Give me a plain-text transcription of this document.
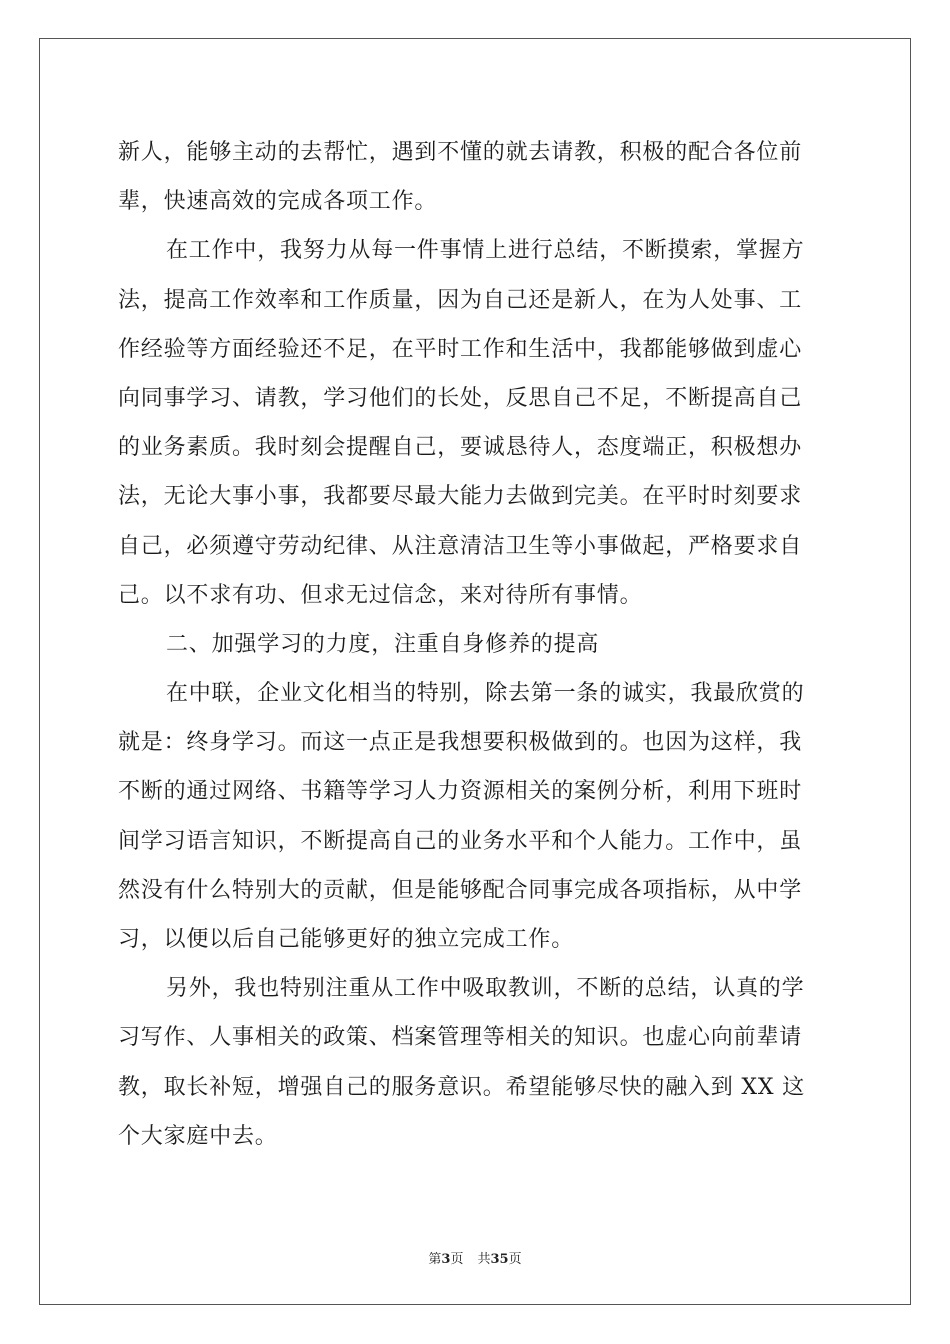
新人，能够主动的去帮忙，遇到不懂的就去请教，积极的配合各位前
辈，快速高效的完成各项工作。
在工作中，我努力从每一件事情上进行总结，不断摸索，掌握方
法，提高工作效率和工作质量，因为自己还是新人，在为人处事、工
作经验等方面经验还不足，在平时工作和生活中，我都能够做到虚心
向同事学习、请教，学习他们的长处，反思自己不足，不断提高自己
的业务素质。我时刻会提醒自己，要诚恳待人，态度端正，积极想办
法，无论大事小事，我都要尽最大能力去做到完美。在平时时刻要求
自己，必须遵守劳动纪律、从注意清洁卫生等小事做起，严格要求自
己。以不求有功、但求无过信念，来对待所有事情。
二、加强学习的力度，注重自身修养的提高
在中联，企业文化相当的特别，除去第一条的诚实，我最欣赏的
就是：终身学习。而这一点正是我想要积极做到的。也因为这样，我
不断的通过网络、书籍等学习人力资源相关的案例分析，利用下班时
间学习语言知识，不断提高自己的业务水平和个人能力。工作中，虽
然没有什么特别大的贡献，但是能够配合同事完成各项指标，从中学
习，以便以后自己能够更好的独立完成工作。
另外，我也特别注重从工作中吸取教训，不断的总结，认真的学
习写作、人事相关的政策、档案管理等相关的知识。也虚心向前辈请
教，取长补短，增强自己的服务意识。希望能够尽快的融入到 XX 这
个大家庭中去。
第3页 共35页
